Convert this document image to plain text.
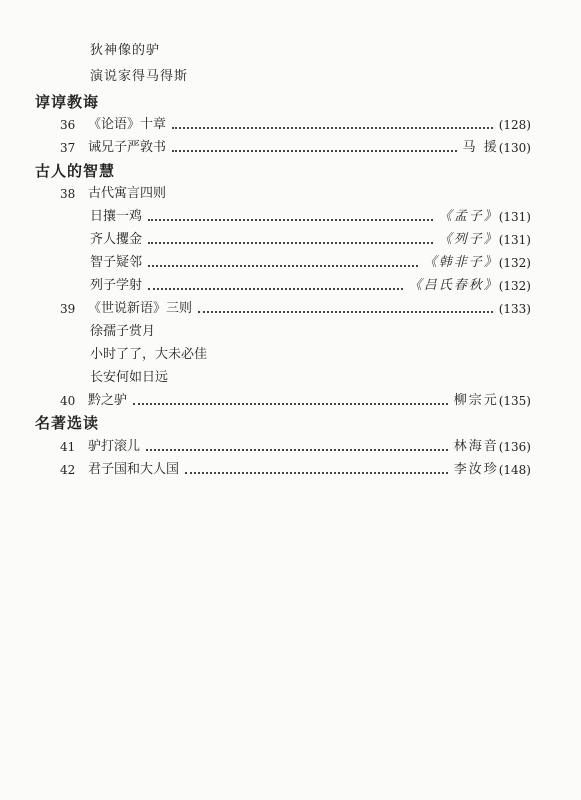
狄神像的驴
演说家得马得斯
谆谆教诲
36 《论语》十章	(128)
37 诫兄子严敦书	马 援 (130)
古人的智慧
38 古代寓言四则
日攘一鸡	《孟子》 (131)
齐人攫金	《列子》 (131)
智子疑邻	《韩非子》 (132)
列子学射	《吕氏春秋》 (132)
39 《世说新语》三则	(133)
徐孺子赏月
小时了了，大未必佳
长安何如日远
40 黔之驴	柳宗元 (135)
名著选读
41 驴打滚儿	林海音 (136)
42 君子国和大人国	李汝珍 (148)
